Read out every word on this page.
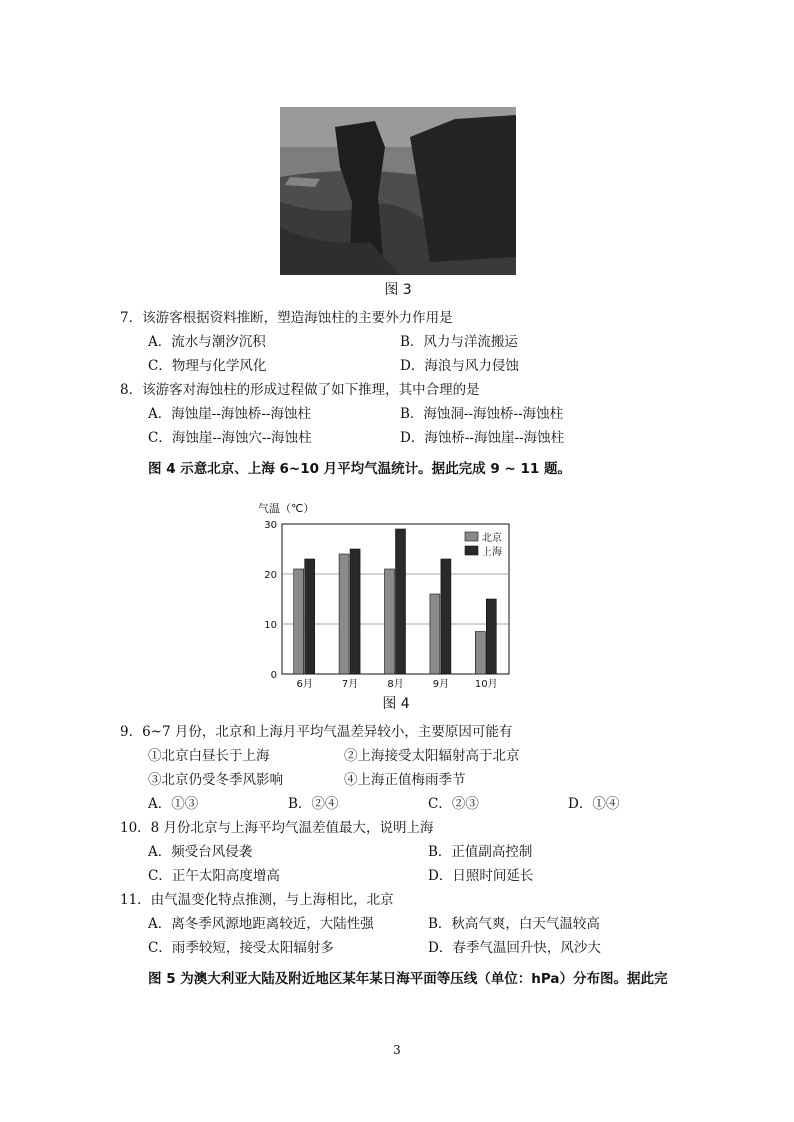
图 3
7．该游客根据资料推断，塑造海蚀柱的主要外力作用是
A．流水与潮汐沉积	B．风力与洋流搬运
C．物理与化学风化	D．海浪与风力侵蚀
8．该游客对海蚀柱的形成过程做了如下推理，其中合理的是
A．海蚀崖--海蚀桥--海蚀柱	B．海蚀洞--海蚀桥--海蚀柱
C．海蚀崖--海蚀穴--海蚀柱	D．海蚀桥--海蚀崖--海蚀柱
图 4 示意北京、上海 6~10 月平均气温统计。据此完成 9 ~ 11 题。
气温（℃）
0
10
20
30
6月	7月	8月	9月	10月
北京
上海
图 4
9．6~7 月份，北京和上海月平均气温差异较小，主要原因可能有
①北京白昼长于上海	②上海接受太阳辐射高于北京
③北京仍受冬季风影响	④上海正值梅雨季节
A．①③	B．②④	C．②③	D．①④
10．8 月份北京与上海平均气温差值最大，说明上海
A．频受台风侵袭	B．正值副高控制
C．正午太阳高度增高	D．日照时间延长
11．由气温变化特点推测，与上海相比，北京
A．离冬季风源地距离较近，大陆性强	B．秋高气爽，白天气温较高
C．雨季较短，接受太阳辐射多	D．春季气温回升快，风沙大
图 5 为澳大利亚大陆及附近地区某年某日海平面等压线（单位：hPa）分布图。据此完
3
